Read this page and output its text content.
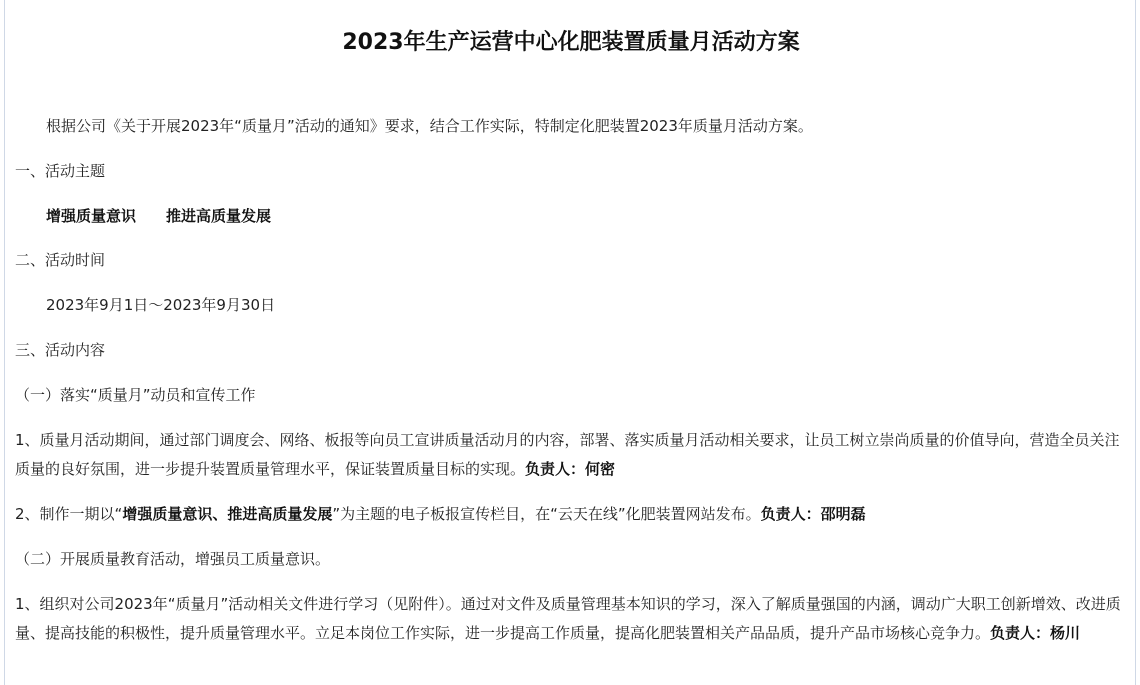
2023年生产运营中心化肥装置质量月活动方案

根据公司《关于开展2023年“质量月”活动的通知》要求，结合工作实际，特制定化肥装置2023年质量月活动方案。

一、活动主题

增强质量意识　　推进高质量发展

二、活动时间

2023年9月1日～2023年9月30日

三、活动内容

（一）落实“质量月”动员和宣传工作

1、质量月活动期间，通过部门调度会、网络、板报等向员工宣讲质量活动月的内容，部署、落实质量月活动相关要求，让员工树立崇尚质量的价值导向，营造全员关注质量的良好氛围，进一步提升装置质量管理水平，保证装置质量目标的实现。负责人：何密

2、制作一期以“增强质量意识、推进高质量发展”为主题的电子板报宣传栏目，在“云天在线”化肥装置网站发布。负责人：邵明磊

（二）开展质量教育活动，增强员工质量意识。

1、组织对公司2023年“质量月”活动相关文件进行学习（见附件）。通过对文件及质量管理基本知识的学习，深入了解质量强国的内涵，调动广大职工创新增效、改进质量、提高技能的积极性，提升质量管理水平。立足本岗位工作实际，进一步提高工作质量，提高化肥装置相关产品品质，提升产品市场核心竞争力。负责人：杨川
